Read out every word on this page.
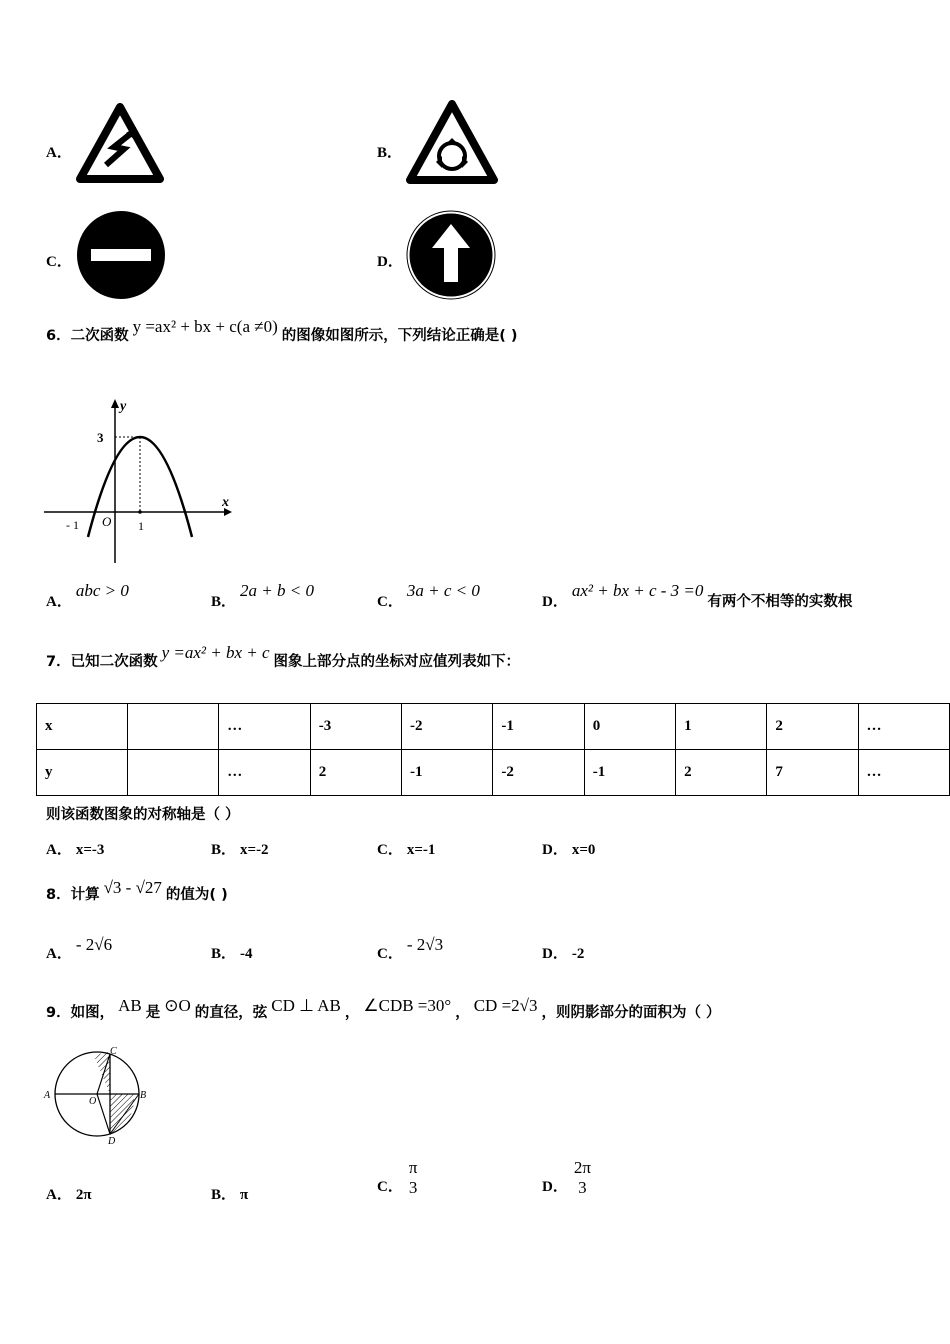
A．	B．
C．	D．
6．二次函数 y =ax² + bx + c(a ≠0) 的图像如图所示，下列结论正确是( )
y
x
3
1
O
- 1
A．
abc > 0
B．
2a + b < 0
C．
3a + c < 0
D．
ax² + bx + c - 3 =0
有两个不相等的实数根
7．已知二次函数 y =ax² + bx + c 图象上部分点的坐标对应值列表如下：
x		…	-3	-2	-1	0	1	2	…
y		…	2	-1	-2	-1	2	7	…
则该函数图象的对称轴是（ ）
A． x=-3	B． x=-2	C． x=-1	D． x=0
8．计算 √3 - √27 的值为( )
A． - 2√6	B． -4	C． - 2√3	D． -2
9．如图， AB 是 ⊙O 的直径，弦 CD ⊥ AB ， ∠CDB =30° ， CD =2√3 ，则阴影部分的面积为（ ）
A	B
C
D
O
A． 2π	B． π	C．
π
3	D．
2π
3
